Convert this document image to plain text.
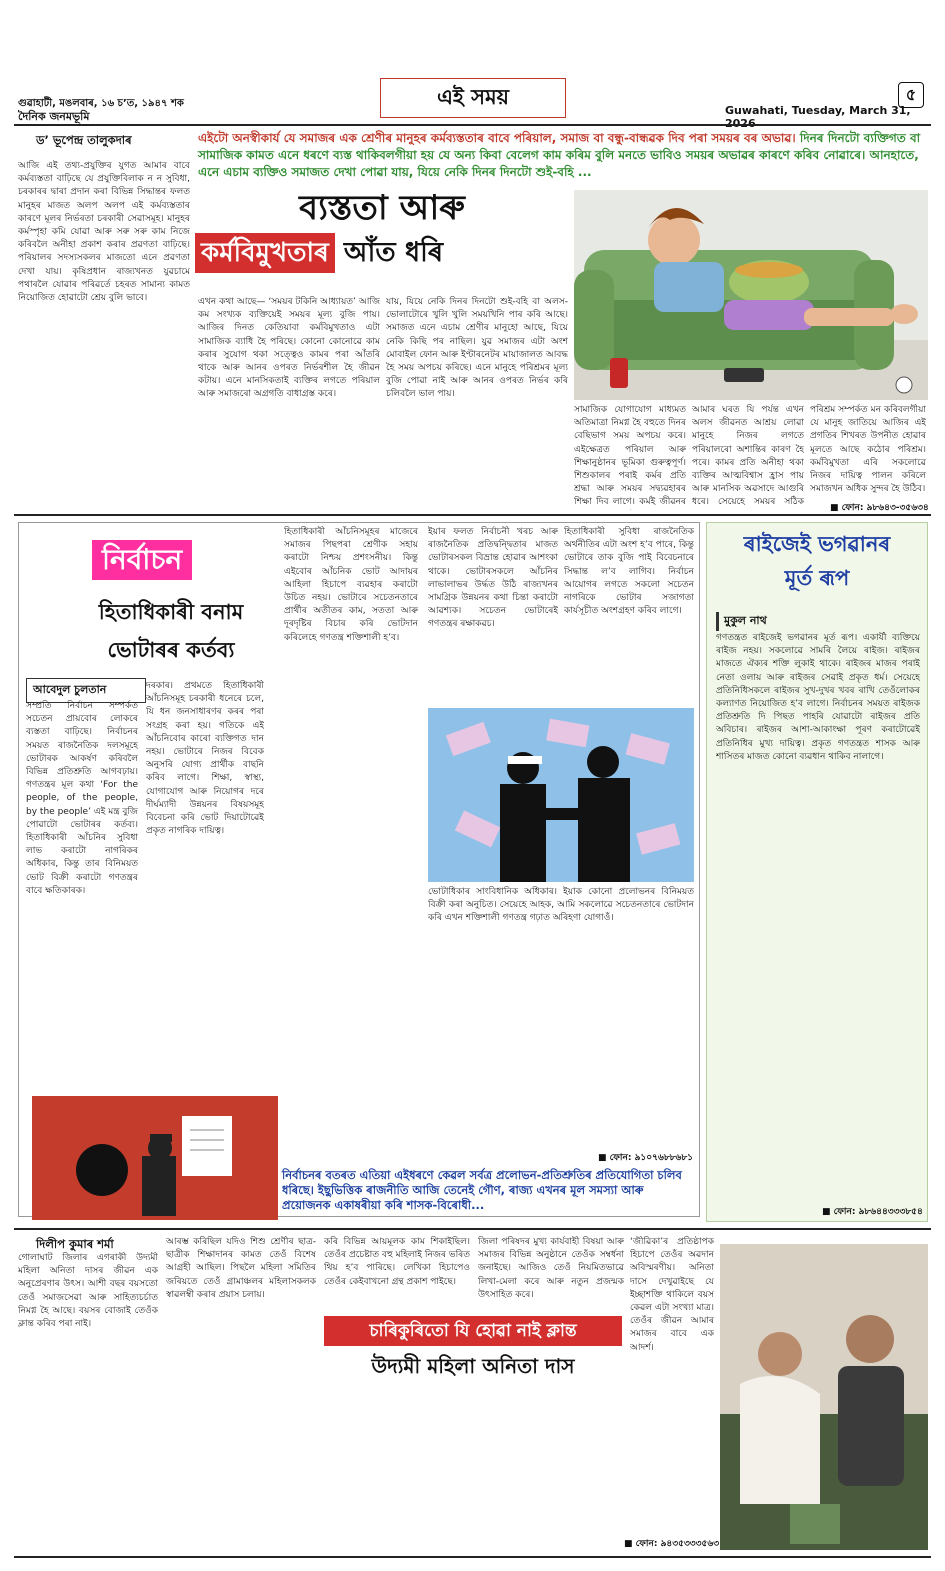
গুৱাহাটী, মঙলবাৰ, ১৬ চ’ত, ১৯৪৭ শক
দৈনিক জনমভূমি
এই সময়
Guwahati, Tuesday, March 31,
৫
ড’ ভূপেন্দ্ৰ তালুকদাৰ	এইটো অনস্বীকাৰ্য যে সমাজৰ এক শ্ৰেণীৰ মানুহৰ কৰ্মব্যস্ততাৰ বাবে পৰিয়াল, সমাজ বা বন্ধু-বান্ধৱক দিব পৰা সময়ৰ বৰ অভাৱ। দিনৰ দিনটো ব্যক্তিগত বা সামাজিক কামত এনে ধৰণে ব্যস্ত থাকিবলগীয়া হয় যে অন্য কিবা বেলেগ কাম কৰিম বুলি মনতে ভাবিও সময়ৰ অভাৱৰ কাৰণে কৰিব নোৱাৰে। আনহাতে, এনে এচাম ব্যক্তিও সমাজত দেখা পোৱা যায়, যিয়ে নেকি দিনৰ দিনটো শুই-বহি ...
ব্যস্ততা আৰু
কৰ্মবিমুখতাৰ আঁত ধৰি
আজি এই তথ্য-প্ৰযুক্তিৰ যুগত আমাৰ বাবে কৰ্মব্যস্ততা বাঢ়িছে যে প্ৰযুক্তিবিলাক ন ন সুবিধা, চৰকাৰৰ দ্বাৰা প্ৰদান কৰা বিভিন্ন সিদ্ধান্তৰ ফলত মানুহৰ মাজত অলপ অলপ এই কৰ্মব্যস্ততাৰ কাৰণে মূলৰ নিৰ্ভৰতা চৰকাৰী সেৱাসমূহ। মানুহৰ কৰ্মস্পৃহা কমি যোৱা আৰু সৰু সৰু কাম নিজে কৰিবলৈ অনীহা প্ৰকাশ কৰাৰ প্ৰৱণতা বাঢ়িছে। পৰিয়ালৰ সদস্যসকলৰ মাজতো এনে প্ৰৱণতা দেখা যায়। কৃষিপ্ৰধান ৰাজ্যখনত যুৱচামে পথাৰলৈ যোৱাৰ পৰিৱৰ্তে চহৰত সামান্য কামত নিয়োজিত হোৱাটো শ্ৰেয় বুলি ভাবে।	এখন কথা আছে— ‘সময়ৰ টকিনি আধ্যায়ত’ আজি কম সংখ্যক ব্যক্তিয়েই সময়ৰ মূল্য বুজি পায়। আজিৰ দিনত কেতিয়াবা কৰ্মবিমুখতাও এটা সামাজিক ব্যাধি হৈ পৰিছে। কোনো কোনোৱে কাম কৰাৰ সুযোগ থকা সত্ত্বেও কামৰ পৰা আঁতৰি থাকে আৰু আনৰ ওপৰত নিৰ্ভৰশীল হৈ জীৱন কটায়। এনে মানসিকতাই ব্যক্তিৰ লগতে পৰিয়াল আৰু সমাজৰো অগ্ৰগতি বাধাগ্ৰস্ত কৰে।
যায়, যিয়ে নেকি দিনৰ দিনটো শুই-বহি বা অলস-ভোলাটোৰে খুলি খুলি সময়খিনি পাৰ কৰি আছে। সমাজত এনে এচাম শ্ৰেণীৰ মানুহো আছে, যিয়ে নেকি কিছি পৰ নাছিল। যুৱ সমাজৰ এটা অংশ মোবাইল ফোন আৰু ইণ্টাৰনেটৰ মায়াজালত আবদ্ধ হৈ সময় অপচয় কৰিছে। এনে মানুহে পৰিশ্ৰমৰ মূল্য বুজি পোৱা নাই আৰু আনৰ ওপৰত নিৰ্ভৰ কৰি চলিবলৈ ভাল পায়।
সামাজিক যোগাযোগ মাধ্যমত অতিমাত্ৰা নিমগ্ন হৈ বহুতে দিনৰ বেছিভাগ সময় অপচয় কৰে। এইক্ষেত্ৰত পৰিয়াল আৰু শিক্ষানুষ্ঠানৰ ভূমিকা গুৰুত্বপূৰ্ণ। শিশুকালৰ পৰাই কৰ্মৰ প্ৰতি শ্ৰদ্ধা আৰু সময়ৰ সদ্ব্যৱহাৰৰ শিক্ষা দিব লাগে। কৰ্মই জীৱনৰ
আমাৰ ঘৰত যি পৰ্যন্ত এখন অলস জীৱনত আশ্ৰয় লোৱা মানুহে নিজৰ লগতে পৰিয়ালৰো অশান্তিৰ কাৰণ হৈ পৰে। কামৰ প্ৰতি অনীহা থকা ব্যক্তিৰ আত্মবিশ্বাস হ্ৰাস পায় আৰু মানসিক অৱসাদে আগুৰি ধৰে। সেয়েহে সময়ৰ সঠিক
পৰিশ্ৰম সম্পৰ্কত মন কৰিবলগীয়া যে মানুহ জাতিয়ে আজিৰ এই প্ৰগতিৰ শিখৰত উপনীত হোৱাৰ মূলতে আছে কঠোৰ পৰিশ্ৰম। কৰ্মবিমুখতা এৰি সকলোৱে নিজৰ দায়িত্ব পালন কৰিলে সমাজখন অধিক সুন্দৰ হৈ উঠিব।
■ ফোন: ৯৮৬৪৩-৩৫৬৩৪
নিৰ্বাচন
হিতাধিকাৰী বনাম
ভোটাৰৰ কৰ্তব্য
আবেদুল চুলতান
সম্প্ৰতি নিৰ্বাচন সম্পৰ্কত সচেতন প্ৰায়বোৰ লোকৰে ব্যস্ততা বাঢ়িছে। নিৰ্বাচনৰ সময়ত ৰাজনৈতিক দলসমূহে ভোটাৰক আকৰ্ষণ কৰিবলৈ বিভিন্ন প্ৰতিশ্ৰুতি আগবঢ়ায়। গণতন্ত্ৰৰ মূল কথা ‘For the people, of the people, by the people’ এই মন্ত্ৰ বুজি পোৱাটো ভোটাৰৰ কৰ্তব্য। হিতাধিকাৰী আঁচনিৰ সুবিধা লাভ কৰাটো নাগৰিকৰ অধিকাৰ, কিন্তু তাৰ বিনিময়ত ভোট বিক্ৰী কৰাটো গণতন্ত্ৰৰ বাবে ক্ষতিকাৰক।
দৰকাৰ। প্ৰথমতে হিতাধিকাৰী আঁচনিসমূহ চৰকাৰী ধনেৰে চলে, যি ধন জনসাধাৰণৰ কৰৰ পৰা সংগ্ৰহ কৰা হয়। গতিকে এই আঁচনিবোৰ কাৰো ব্যক্তিগত দান নহয়। ভোটাৰে নিজৰ বিবেক অনুসৰি যোগ্য প্ৰাৰ্থীক বাছনি কৰিব লাগে। শিক্ষা, স্বাস্থ্য, যোগাযোগ আৰু নিয়োগৰ দৰে দীৰ্ঘম্যাদী উন্নয়নৰ বিষয়সমূহ বিবেচনা কৰি ভোট দিয়াটোৱেই প্ৰকৃত নাগৰিক দায়িত্ব।
হিতাধিকাৰী আঁচনিসমূহৰ মাজেৰে সমাজৰ পিছপৰা শ্ৰেণীক সহায় কৰাটো নিশ্চয় প্ৰশংসনীয়। কিন্তু এইবোৰ আঁচনিক ভোট আদায়ৰ আহিলা হিচাপে ব্যৱহাৰ কৰাটো উচিত নহয়। ভোটাৰে সচেতনতাৰে প্ৰাৰ্থীৰ অতীতৰ কাম, সততা আৰু দূৰদৃষ্টিৰ বিচাৰ কৰি ভোটদান কৰিলেহে গণতন্ত্ৰ শক্তিশালী হ’ব।
ইয়াৰ ফলত নিৰ্বাচনী খৰচ আৰু ৰাজনৈতিক প্ৰতিদ্বন্দ্বিতাৰ মাজত ভোটাৰসকল বিভ্ৰান্ত হোৱাৰ আশংকা থাকে। ভোটাৰসকলে আঁচনিৰ লাভালাভৰ উৰ্দ্ধত উঠি ৰাজ্যখনৰ সামগ্ৰিক উন্নয়নৰ কথা চিন্তা কৰাটো আৱশ্যক। সচেতন ভোটাৰেই গণতন্ত্ৰৰ ৰক্ষাকৱচ।
হিতাধিকাৰী সুবিধা ৰাজনৈতিক অৰ্থনীতিৰ এটা অংশ হ’ব পাৰে, কিন্তু ভোটাৰে তাক বুজি পাই বিবেচনাৰে সিদ্ধান্ত ল’ব লাগিব। নিৰ্বাচন আয়োগৰ লগতে সকলো সচেতন নাগৰিকে ভোটাৰ সজাগতা কাৰ্যসূচীত অংশগ্ৰহণ কৰিব লাগে।
ভোটাধিকাৰ সাংবিধানিক অধিকাৰ। ইয়াক কোনো প্ৰলোভনৰ বিনিময়ত বিক্ৰী কৰা অনুচিত। সেয়েহে আহক, আমি সকলোৱে সচেতনতাৰে ভোটদান কৰি এখন শক্তিশালী গণতন্ত্ৰ গঢ়াত অৰিহণা যোগাওঁ।
■ ফোন: ৯১০৭৬৮৮৬৮১
নিৰ্বাচনৰ বতৰত এতিয়া এইধৰণে কেৱল সৰ্বত্ৰ প্ৰলোভন-প্ৰতিশ্ৰুতিৰ প্ৰতিযোগিতা চলিব ধৰিছে। ইছুভিত্তিক ৰাজনীতি আজি তেনেই গৌণ, ৰাজ্য এখনৰ মূল সমস্যা আৰু প্ৰয়োজনক একাষৰীয়া কৰি শাসক-বিৰোধী...
ৰাইজেই ভগৱানৰ
মূৰ্ত ৰূপ
মুকুল নাথ
গণতন্ত্ৰত ৰাইজেই ভগৱানৰ মূৰ্ত ৰূপ। একাৰ্যী ব্যক্তিয়ে ৰাইজ নহয়। সকলোৱে সামৰি লৈয়ে ৰাইজ। ৰাইজৰ মাজতে ঐক্যৰ শক্তি লুকাই থাকে। ৰাইজৰ মাজৰ পৰাই নেতা ওলায় আৰু ৰাইজৰ সেৱাই প্ৰকৃত ধৰ্ম। সেয়েহে প্ৰতিনিধিসকলে ৰাইজৰ সুখ-দুখৰ খবৰ ৰাখি তেওঁলোকৰ কল্যাণত নিয়োজিত হ’ব লাগে। নিৰ্বাচনৰ সময়ত ৰাইজক প্ৰতিশ্ৰুতি দি পিছত পাহৰি যোৱাটো ৰাইজৰ প্ৰতি অবিচাৰ। ৰাইজৰ আশা-আকাংক্ষা পূৰণ কৰাটোৱেই প্ৰতিনিধিৰ মুখ্য দায়িত্ব। প্ৰকৃত গণতন্ত্ৰত শাসক আৰু শাসিতৰ মাজত কোনো ব্যৱধান থাকিব নালাগে।
■ ফোন: ৯৮৬৪৪৩৩৩৮৫৪
দিলীপ কুমাৰ শৰ্মা
গোলাঘাট জিলাৰ এগৰাকী উদ্যমী মহিলা অনিতা দাসৰ জীৱন এক অনুপ্ৰেৰণাৰ উৎস। আশী বছৰ বয়সতো তেওঁ সমাজসেৱা আৰু সাহিত্যচৰ্চাত নিমগ্ন হৈ আছে। বয়সৰ বোজাই তেওঁক ক্লান্ত কৰিব পৰা নাই।
আৰম্ভ কৰিছিল যদিও শিশু শ্ৰেণীৰ ছাত্ৰ-ছাত্ৰীক শিক্ষাদানৰ কামত তেওঁ বিশেষ আগ্ৰহী আছিল। পিছলৈ মহিলা সমিতিৰ জৰিয়তে তেওঁ গ্ৰামাঞ্চলৰ মহিলাসকলক স্বাৱলম্বী কৰাৰ প্ৰয়াস চলায়।
কৰি বিভিন্ন আয়মূলক কাম শিকাইছিল। তেওঁৰ প্ৰচেষ্টাত বহু মহিলাই নিজৰ ভৰিত থিয় হ’ব পাৰিছে। লেখিকা হিচাপেও তেওঁৰ কেইবাখনো গ্ৰন্থ প্ৰকাশ পাইছে।
জিলা পৰিষদৰ মুখ্য কাৰ্যবাহী বিষয়া আৰু সমাজৰ বিভিন্ন অনুষ্ঠানে তেওঁক সম্বৰ্ধনা জনাইছে। আজিও তেওঁ নিয়মিতভাৱে লিখা-মেলা কৰে আৰু নতুন প্ৰজন্মক উৎসাহিত কৰে।
চাৰিকুৰিতো যি হোৱা নাই ক্লান্ত
উদ্যমী মহিলা অনিতা দাস
‘জীৱিকা’ৰ প্ৰতিষ্ঠাপক হিচাপে তেওঁৰ অৱদান অবিস্মৰণীয়। অনিতা দাসে দেখুৱাইছে যে ইচ্ছাশক্তি থাকিলে বয়স কেৱল এটা সংখ্যা মাত্ৰ। তেওঁৰ জীৱন আমাৰ সমাজৰ বাবে এক আদৰ্শ।
■ ফোন: ৯৪৩৫৩৩৩৫৬৩
